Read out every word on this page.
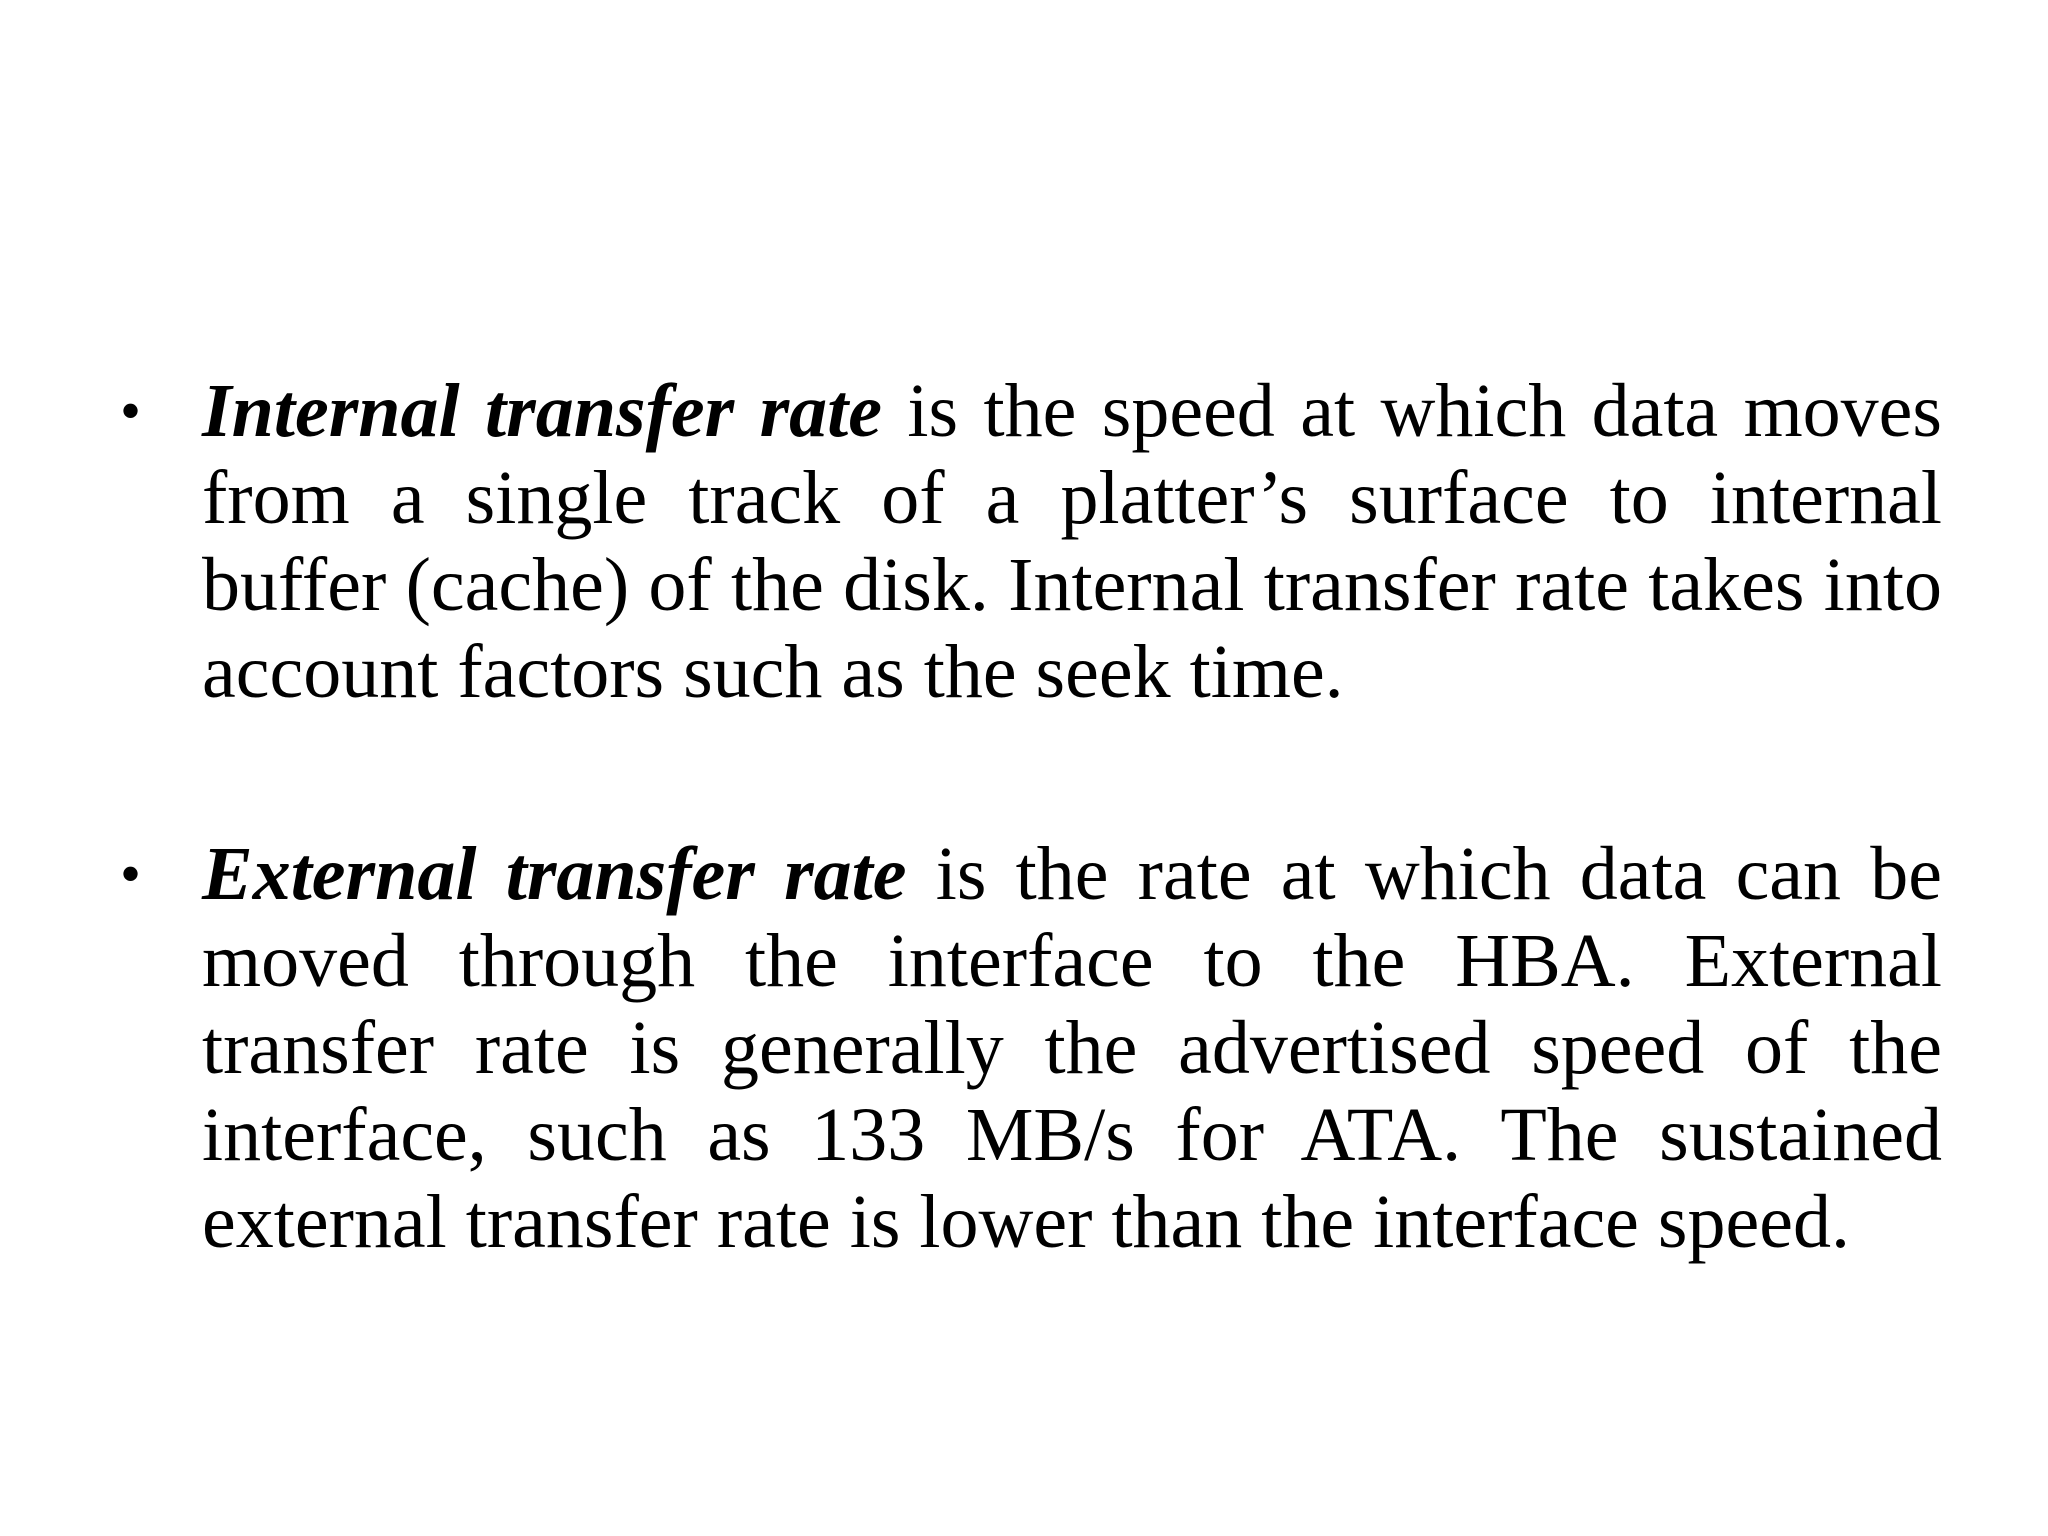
• Internal transfer rate is the speed at which data moves from a single track of a platter’s surface to internal buffer (cache) of the disk. Internal transfer rate takes into account factors such as the seek time.
• External transfer rate is the rate at which data can be moved through the interface to the HBA. External transfer rate is generally the advertised speed of the interface, such as 133 MB/s for ATA. The sustained external transfer rate is lower than the interface speed.
